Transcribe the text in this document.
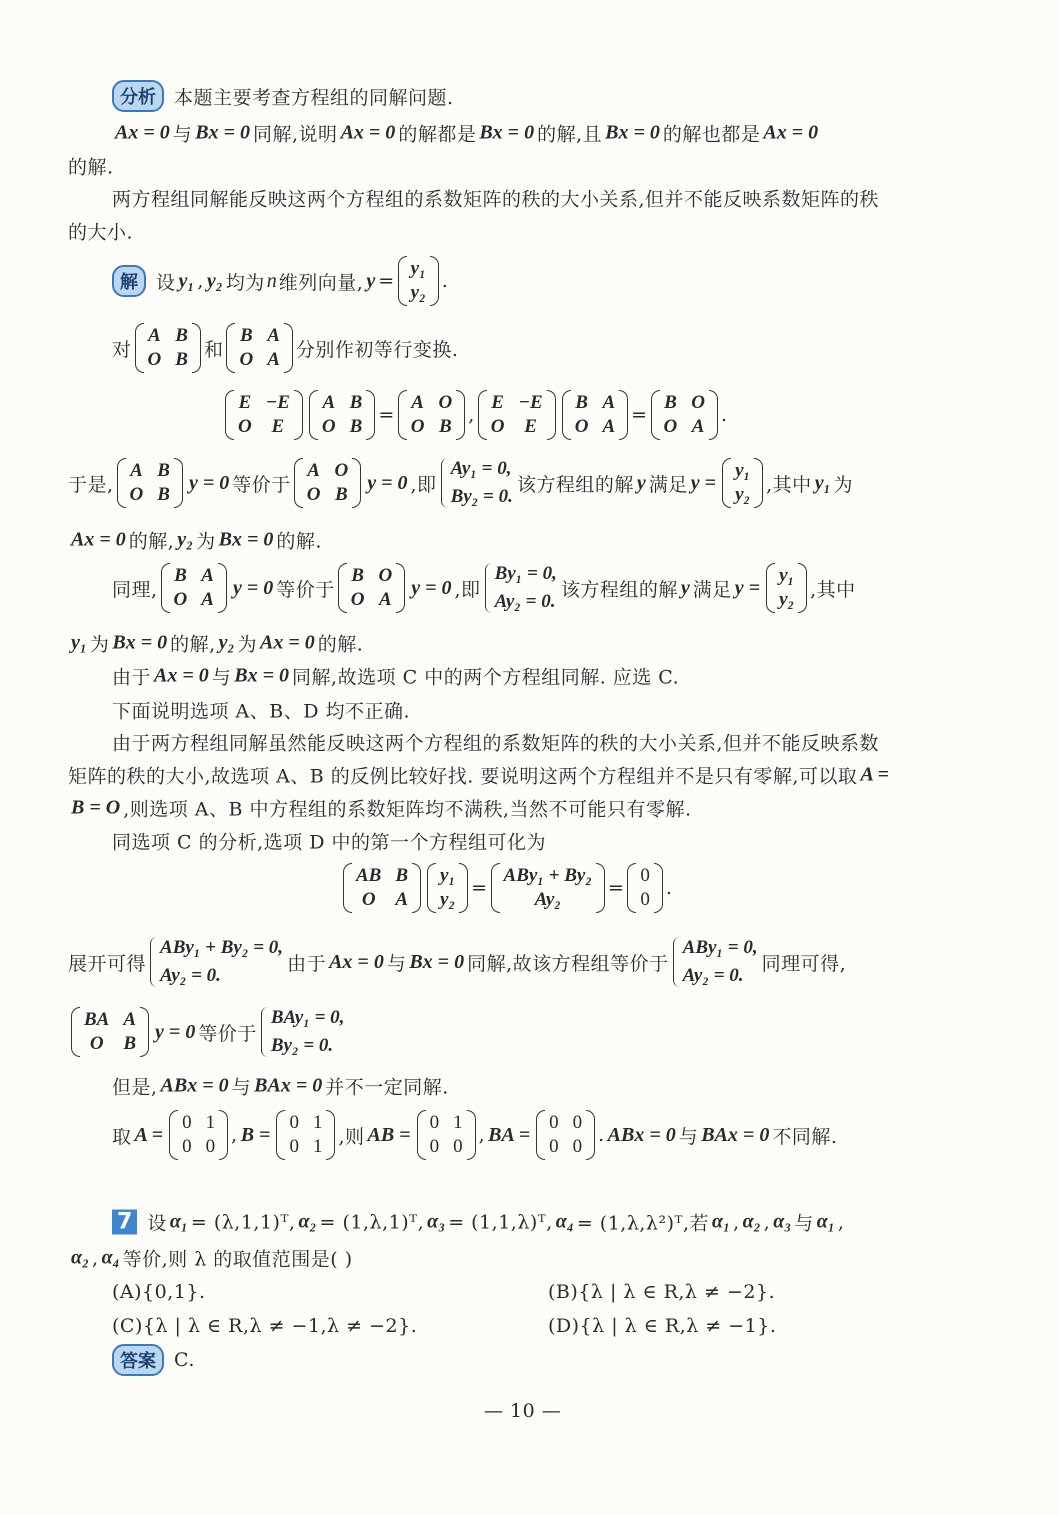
分析 本题主要考查方程组的同解问题.
Ax = 0 与 Bx = 0 同解,说明 Ax = 0 的解都是 Bx = 0 的解,且 Bx = 0 的解也都是 Ax = 0
的解.
两方程组同解能反映这两个方程组的系数矩阵的秩的大小关系,但并不能反映系数矩阵的秩
的大小.
解 设 y₁ , y₂ 均为 n 维列向量, y =
y₁
y₂
.
对
A B
O B 和
B A
O A 分别作初等行变换.
E −E
O	E
A B
O B
=
A O
O B
,
E −E
O	E
B A
O A
=
B O
O A
.
于是,
A B
O B
y = 0 等价于
A O
O B
y = 0 ,即
Ay₁ = 0,
By₂ = 0.
该方程组的解 y 满足 y =
y₁
y₂ ,其中 y₁ 为
Ax = 0 的解, y₂ 为 Bx = 0 的解.
同理,
B A
O A
y = 0 等价于
B O
O A
y = 0 ,即
By₁ = 0,
Ay₂ = 0.
该方程组的解 y 满足 y =
y₁
y₂ ,其中
y₁ 为 Bx = 0 的解, y₂ 为 Ax = 0 的解.
由于 Ax = 0 与 Bx = 0 同解,故选项 C 中的两个方程组同解. 应选 C.
下面说明选项 A、B、D 均不正确.
由于两方程组同解虽然能反映这两个方程组的系数矩阵的秩的大小关系,但并不能反映系数
矩阵的秩的大小,故选项 A、B 的反例比较好找. 要说明这两个方程组并不是只有零解,可以取 A =
B = O ,则选项 A、B 中方程组的系数矩阵均不满秩,当然不可能只有零解.
同选项 C 的分析,选项 D 中的第一个方程组可化为
AB B
O	A
y₁
y₂
=
ABy₁ + By₂
Ay₂
=
0
0
.
展开可得
ABy₁ + By₂ = 0,
Ay₂ = 0.
由于 Ax = 0 与 Bx = 0 同解,故该方程组等价于
ABy₁ = 0,
Ay₂ = 0.
同理可得,
BA A
O	B
y = 0 等价于
BAy₁ = 0,
By₂ = 0.
但是, ABx = 0 与 BAx = 0 并不一定同解.
取 A =
0 1
0 0
, B =
0 1
0 1 ,则 AB =
0 1
0 0
, BA =
0 0
0 0
. ABx = 0 与 BAx = 0 不同解.
7 设 α₁ = (λ,1,1)ᵀ, α₂ = (1,λ,1)ᵀ, α₃ = (1,1,λ)ᵀ, α₄ = (1,λ,λ²)ᵀ,若 α₁ , α₂ , α₃ 与 α₁ ,
α₂ , α₄ 等价,则 λ 的取值范围是( )
(A){0,1}.	(B){λ | λ ∈ R,λ ≠ −2}.
(C){λ | λ ∈ R,λ ≠ −1,λ ≠ −2}.	(D){λ | λ ∈ R,λ ≠ −1}.
答案 C.
— 10 —
